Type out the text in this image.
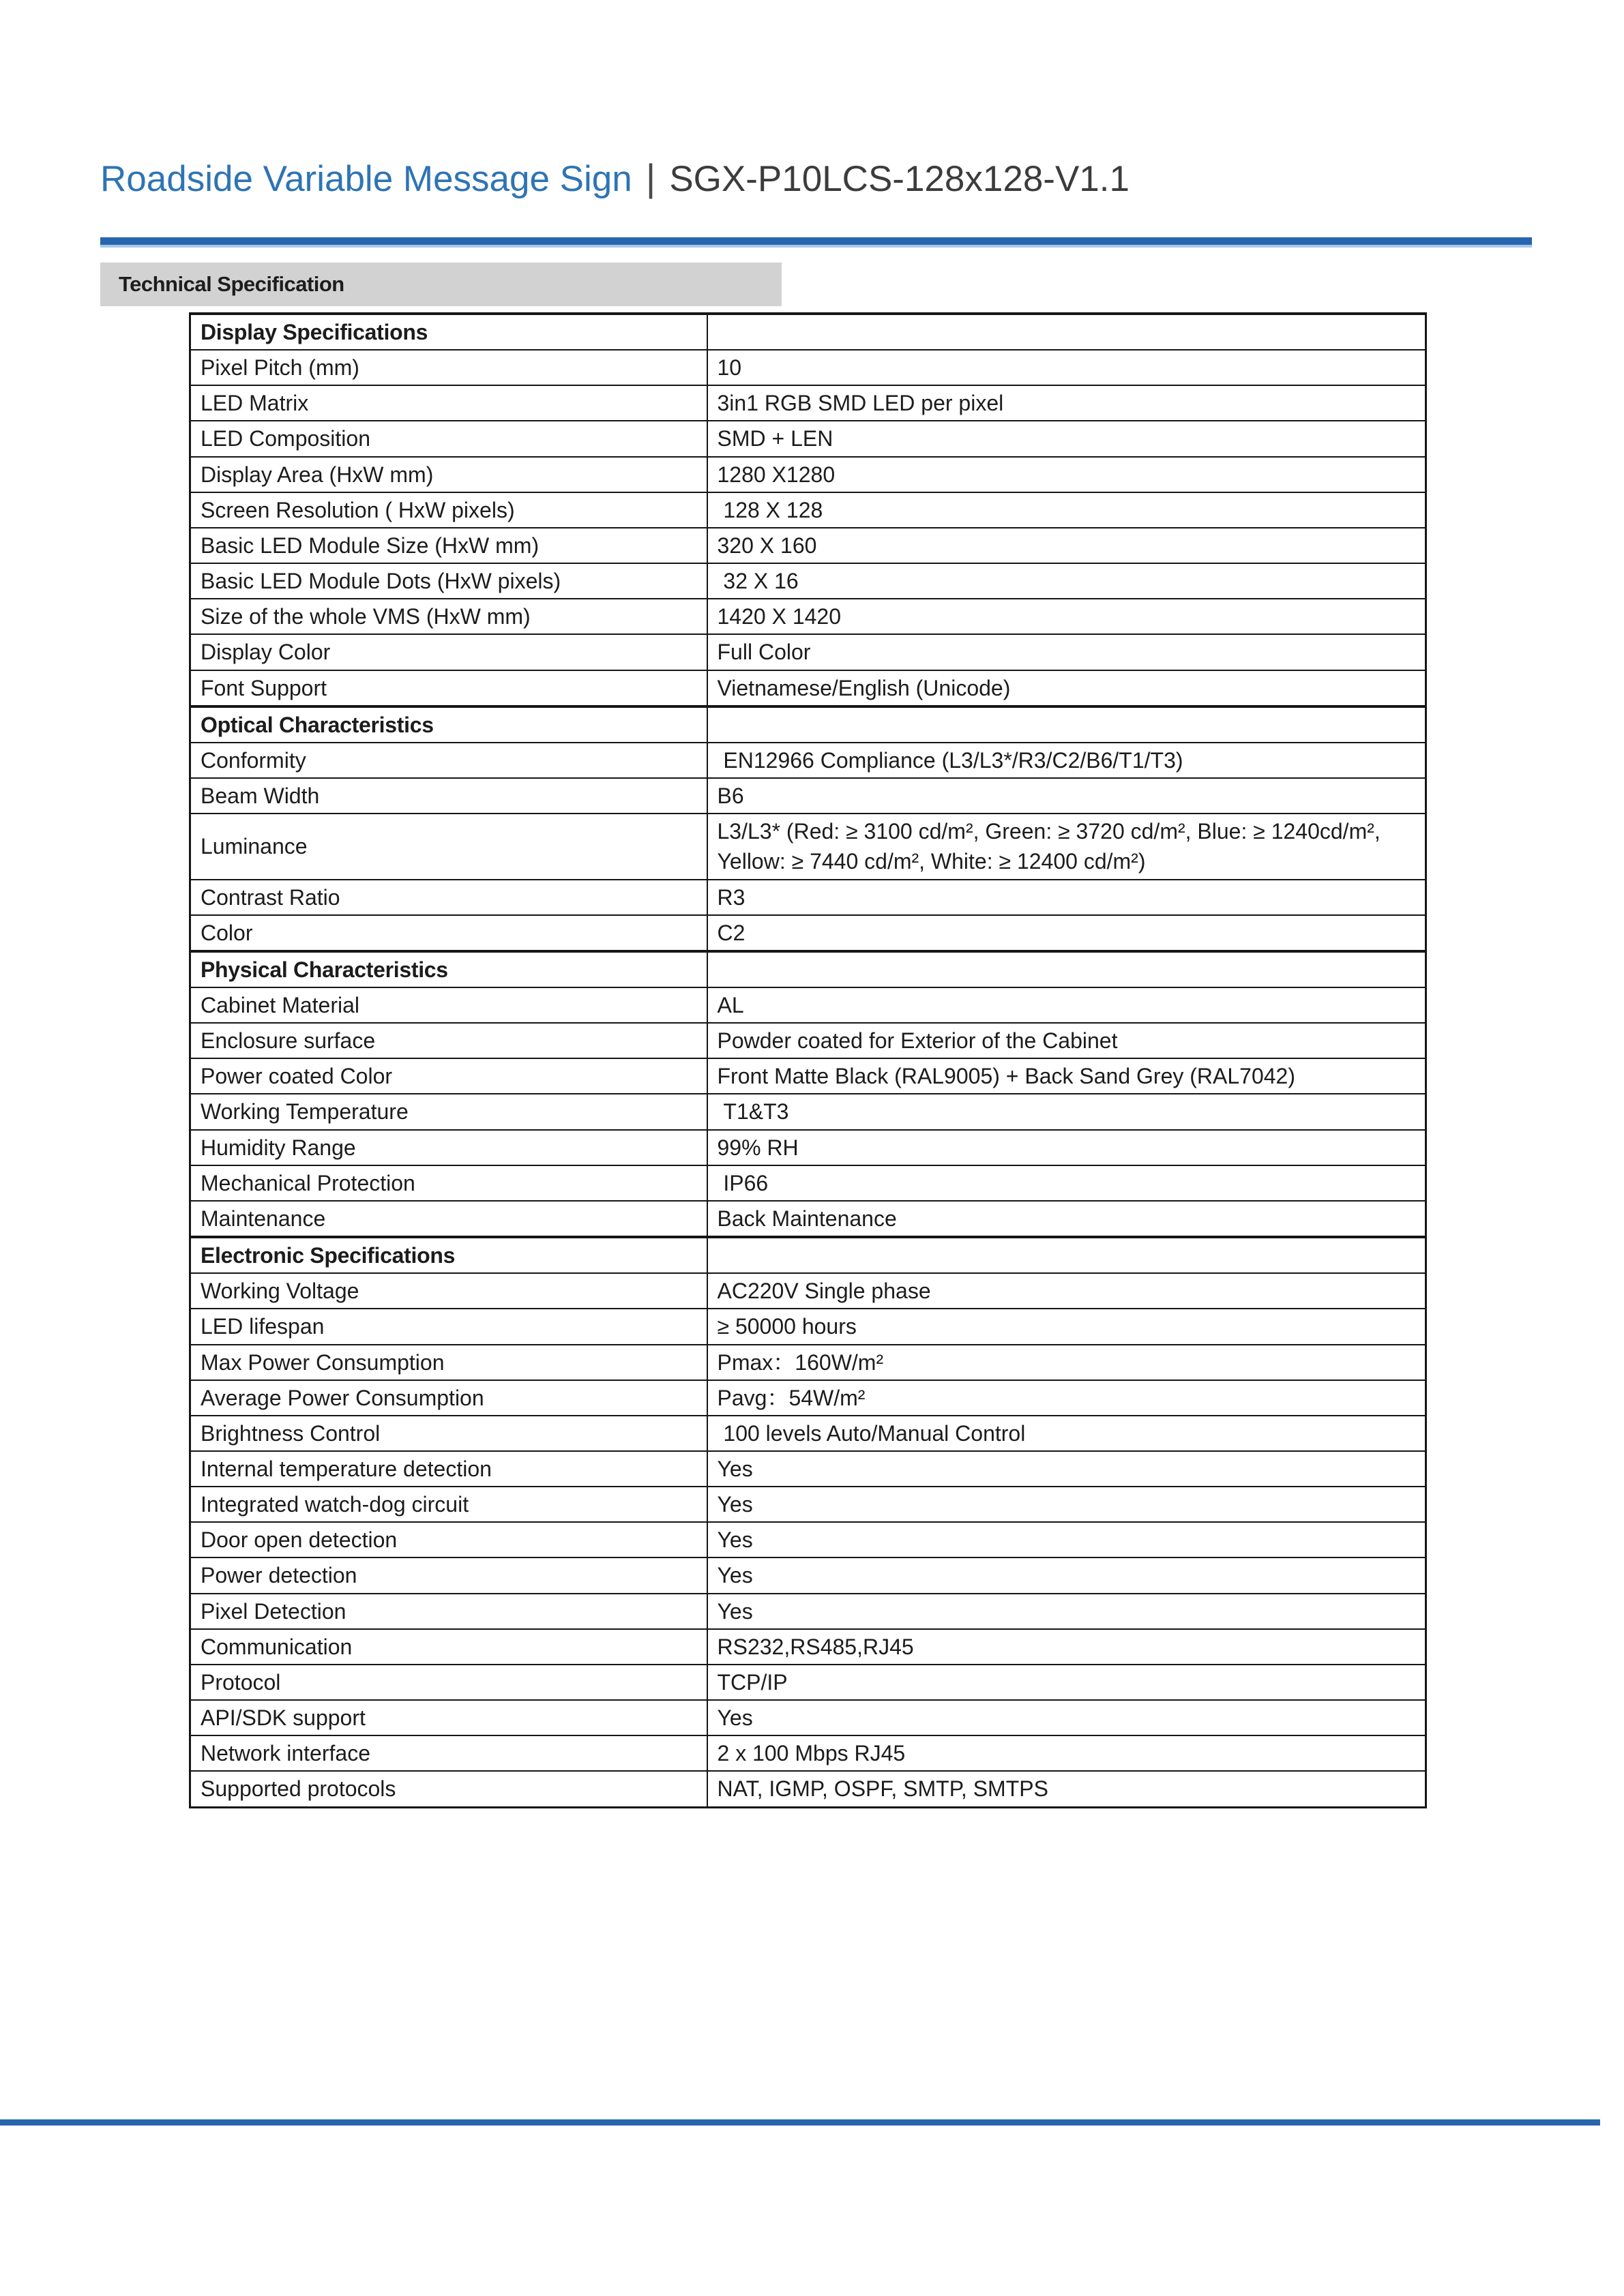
Roadside Variable Message Sign | SGX-P10LCS-128x128-V1.1
Technical Specification
Display Specifications	
Pixel Pitch (mm)	10
LED Matrix	3in1 RGB SMD LED per pixel
LED Composition	SMD + LEN
Display Area (HxW mm)	1280 X1280
Screen Resolution ( HxW pixels)	128 X 128
Basic LED Module Size (HxW mm)	320 X 160
Basic LED Module Dots (HxW pixels)	32 X 16
Size of the whole VMS (HxW mm)	1420 X 1420
Display Color	Full Color
Font Support	Vietnamese/English (Unicode)
Optical Characteristics	
Conformity	EN12966 Compliance (L3/L3*/R3/C2/B6/T1/T3)
Beam Width	B6
Luminance	L3/L3* (Red: ≥ 3100 cd/m², Green: ≥ 3720 cd/m², Blue: ≥ 1240cd/m², Yellow: ≥ 7440 cd/m², White: ≥ 12400 cd/m²)
Contrast Ratio	R3
Color	C2
Physical Characteristics	
Cabinet Material	AL
Enclosure surface	Powder coated for Exterior of the Cabinet
Power coated Color	Front Matte Black (RAL9005) + Back Sand Grey (RAL7042)
Working Temperature	T1&T3
Humidity Range	99% RH
Mechanical Protection	IP66
Maintenance	Back Maintenance
Electronic Specifications	
Working Voltage	AC220V Single phase
LED lifespan	≥ 50000 hours
Max Power Consumption	Pmax：160W/m²
Average Power Consumption	Pavg：54W/m²
Brightness Control	100 levels Auto/Manual Control
Internal temperature detection	Yes
Integrated watch-dog circuit	Yes
Door open detection	Yes
Power detection	Yes
Pixel Detection	Yes
Communication	RS232,RS485,RJ45
Protocol	TCP/IP
API/SDK support	Yes
Network interface	2 x 100 Mbps RJ45
Supported protocols	NAT, IGMP, OSPF, SMTP, SMTPS
